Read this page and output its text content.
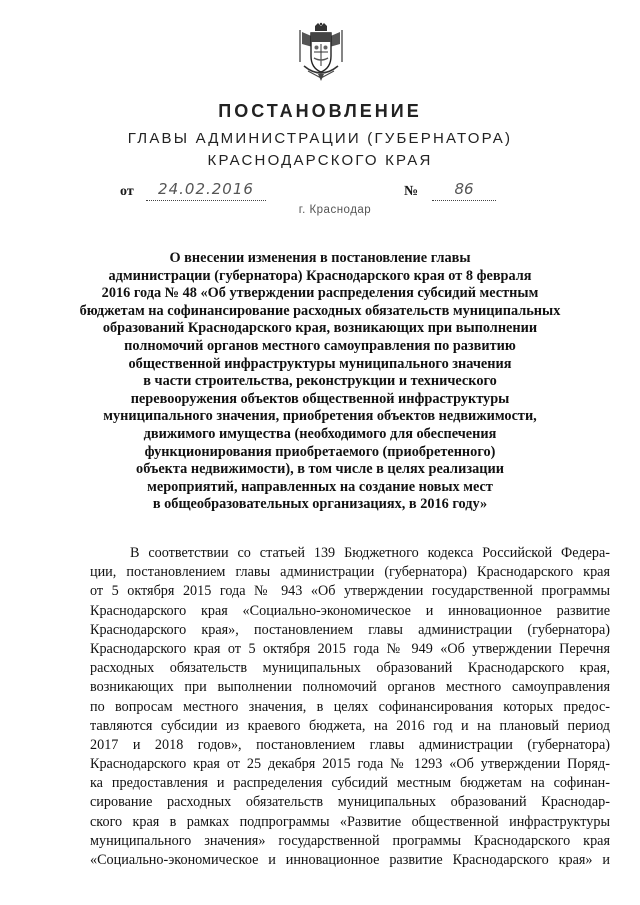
ПОСТАНОВЛЕНИЕ
ГЛАВЫ АДМИНИСТРАЦИИ (ГУБЕРНАТОРА)
КРАСНОДАРСКОГО КРАЯ
от	24.02.2016	№	86
г. Краснодар
О внесении изменения в постановление главы
администрации (губернатора) Краснодарского края от 8 февраля
2016 года № 48 «Об утверждении распределения субсидий местным
бюджетам на софинансирование расходных обязательств муниципальных
образований Краснодарского края, возникающих при выполнении
полномочий органов местного самоуправления по развитию
общественной инфраструктуры муниципального значения
в части строительства, реконструкции и технического
перевооружения объектов общественной инфраструктуры
муниципального значения, приобретения объектов недвижимости,
движимого имущества (необходимого для обеспечения
функционирования приобретаемого (приобретенного)
объекта недвижимости), в том числе в целях реализации
мероприятий, направленных на создание новых мест
в общеобразовательных организациях, в 2016 году»
В соответствии со статьей 139 Бюджетного кодекса Российской Федера-
ции, постановлением главы администрации (губернатора) Краснодарского края
от 5 октября 2015 года № 943 «Об утверждении государственной программы
Краснодарского края «Социально-экономическое и инновационное развитие
Краснодарского края», постановлением главы администрации (губернатора)
Краснодарского края от 5 октября 2015 года № 949 «Об утверждении Перечня
расходных обязательств муниципальных образований Краснодарского края,
возникающих при выполнении полномочий органов местного самоуправления
по вопросам местного значения, в целях софинансирования которых предос-
тавляются субсидии из краевого бюджета, на 2016 год и на плановый период
2017 и 2018 годов», постановлением главы администрации (губернатора)
Краснодарского края от 25 декабря 2015 года № 1293 «Об утверждении Поряд-
ка предоставления и распределения субсидий местным бюджетам на софинан-
сирование расходных обязательств муниципальных образований Краснодар-
ского края в рамках подпрограммы «Развитие общественной инфраструктуры
муниципального значения» государственной программы Краснодарского края
«Социально-экономическое и инновационное развитие Краснодарского края» и
